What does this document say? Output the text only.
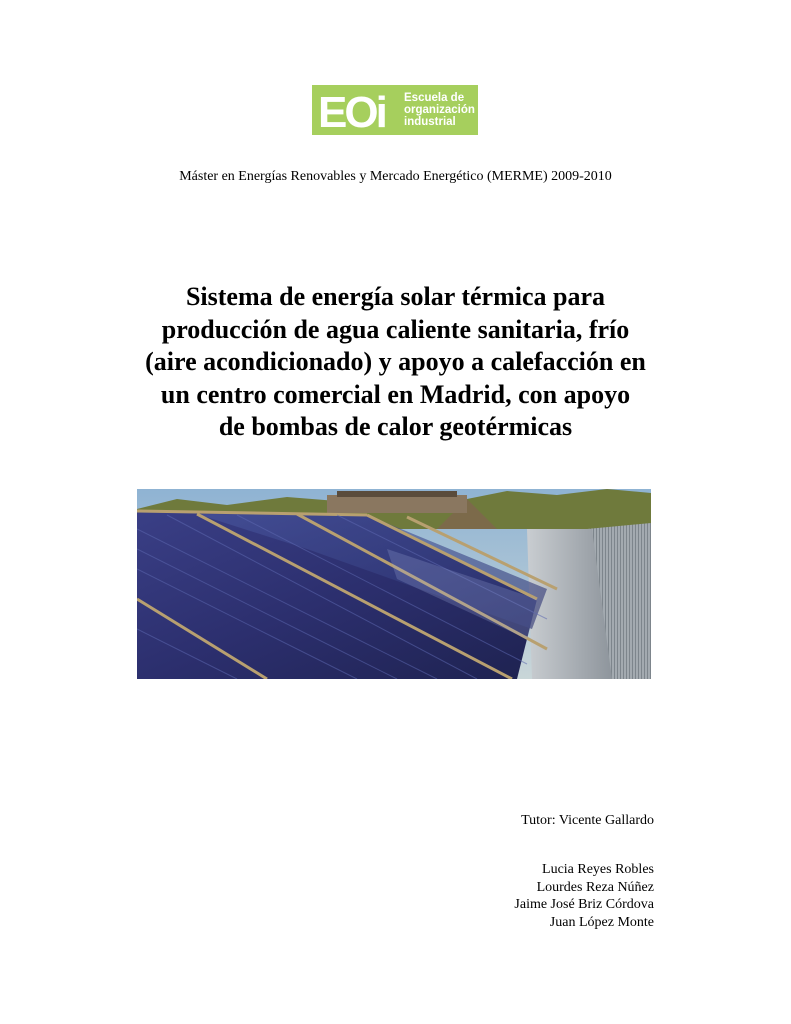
EOi Escuela de
organización
industrial
Máster en Energías Renovables y Mercado Energético (MERME) 2009-2010
Sistema de energía solar térmica para
producción de agua caliente sanitaria, frío
(aire acondicionado) y apoyo a calefacción en
un centro comercial en Madrid, con apoyo
de bombas de calor geotérmicas
Tutor: Vicente Gallardo
Lucia Reyes Robles
Lourdes Reza Núñez
Jaime José Briz Córdova
Juan López Monte
